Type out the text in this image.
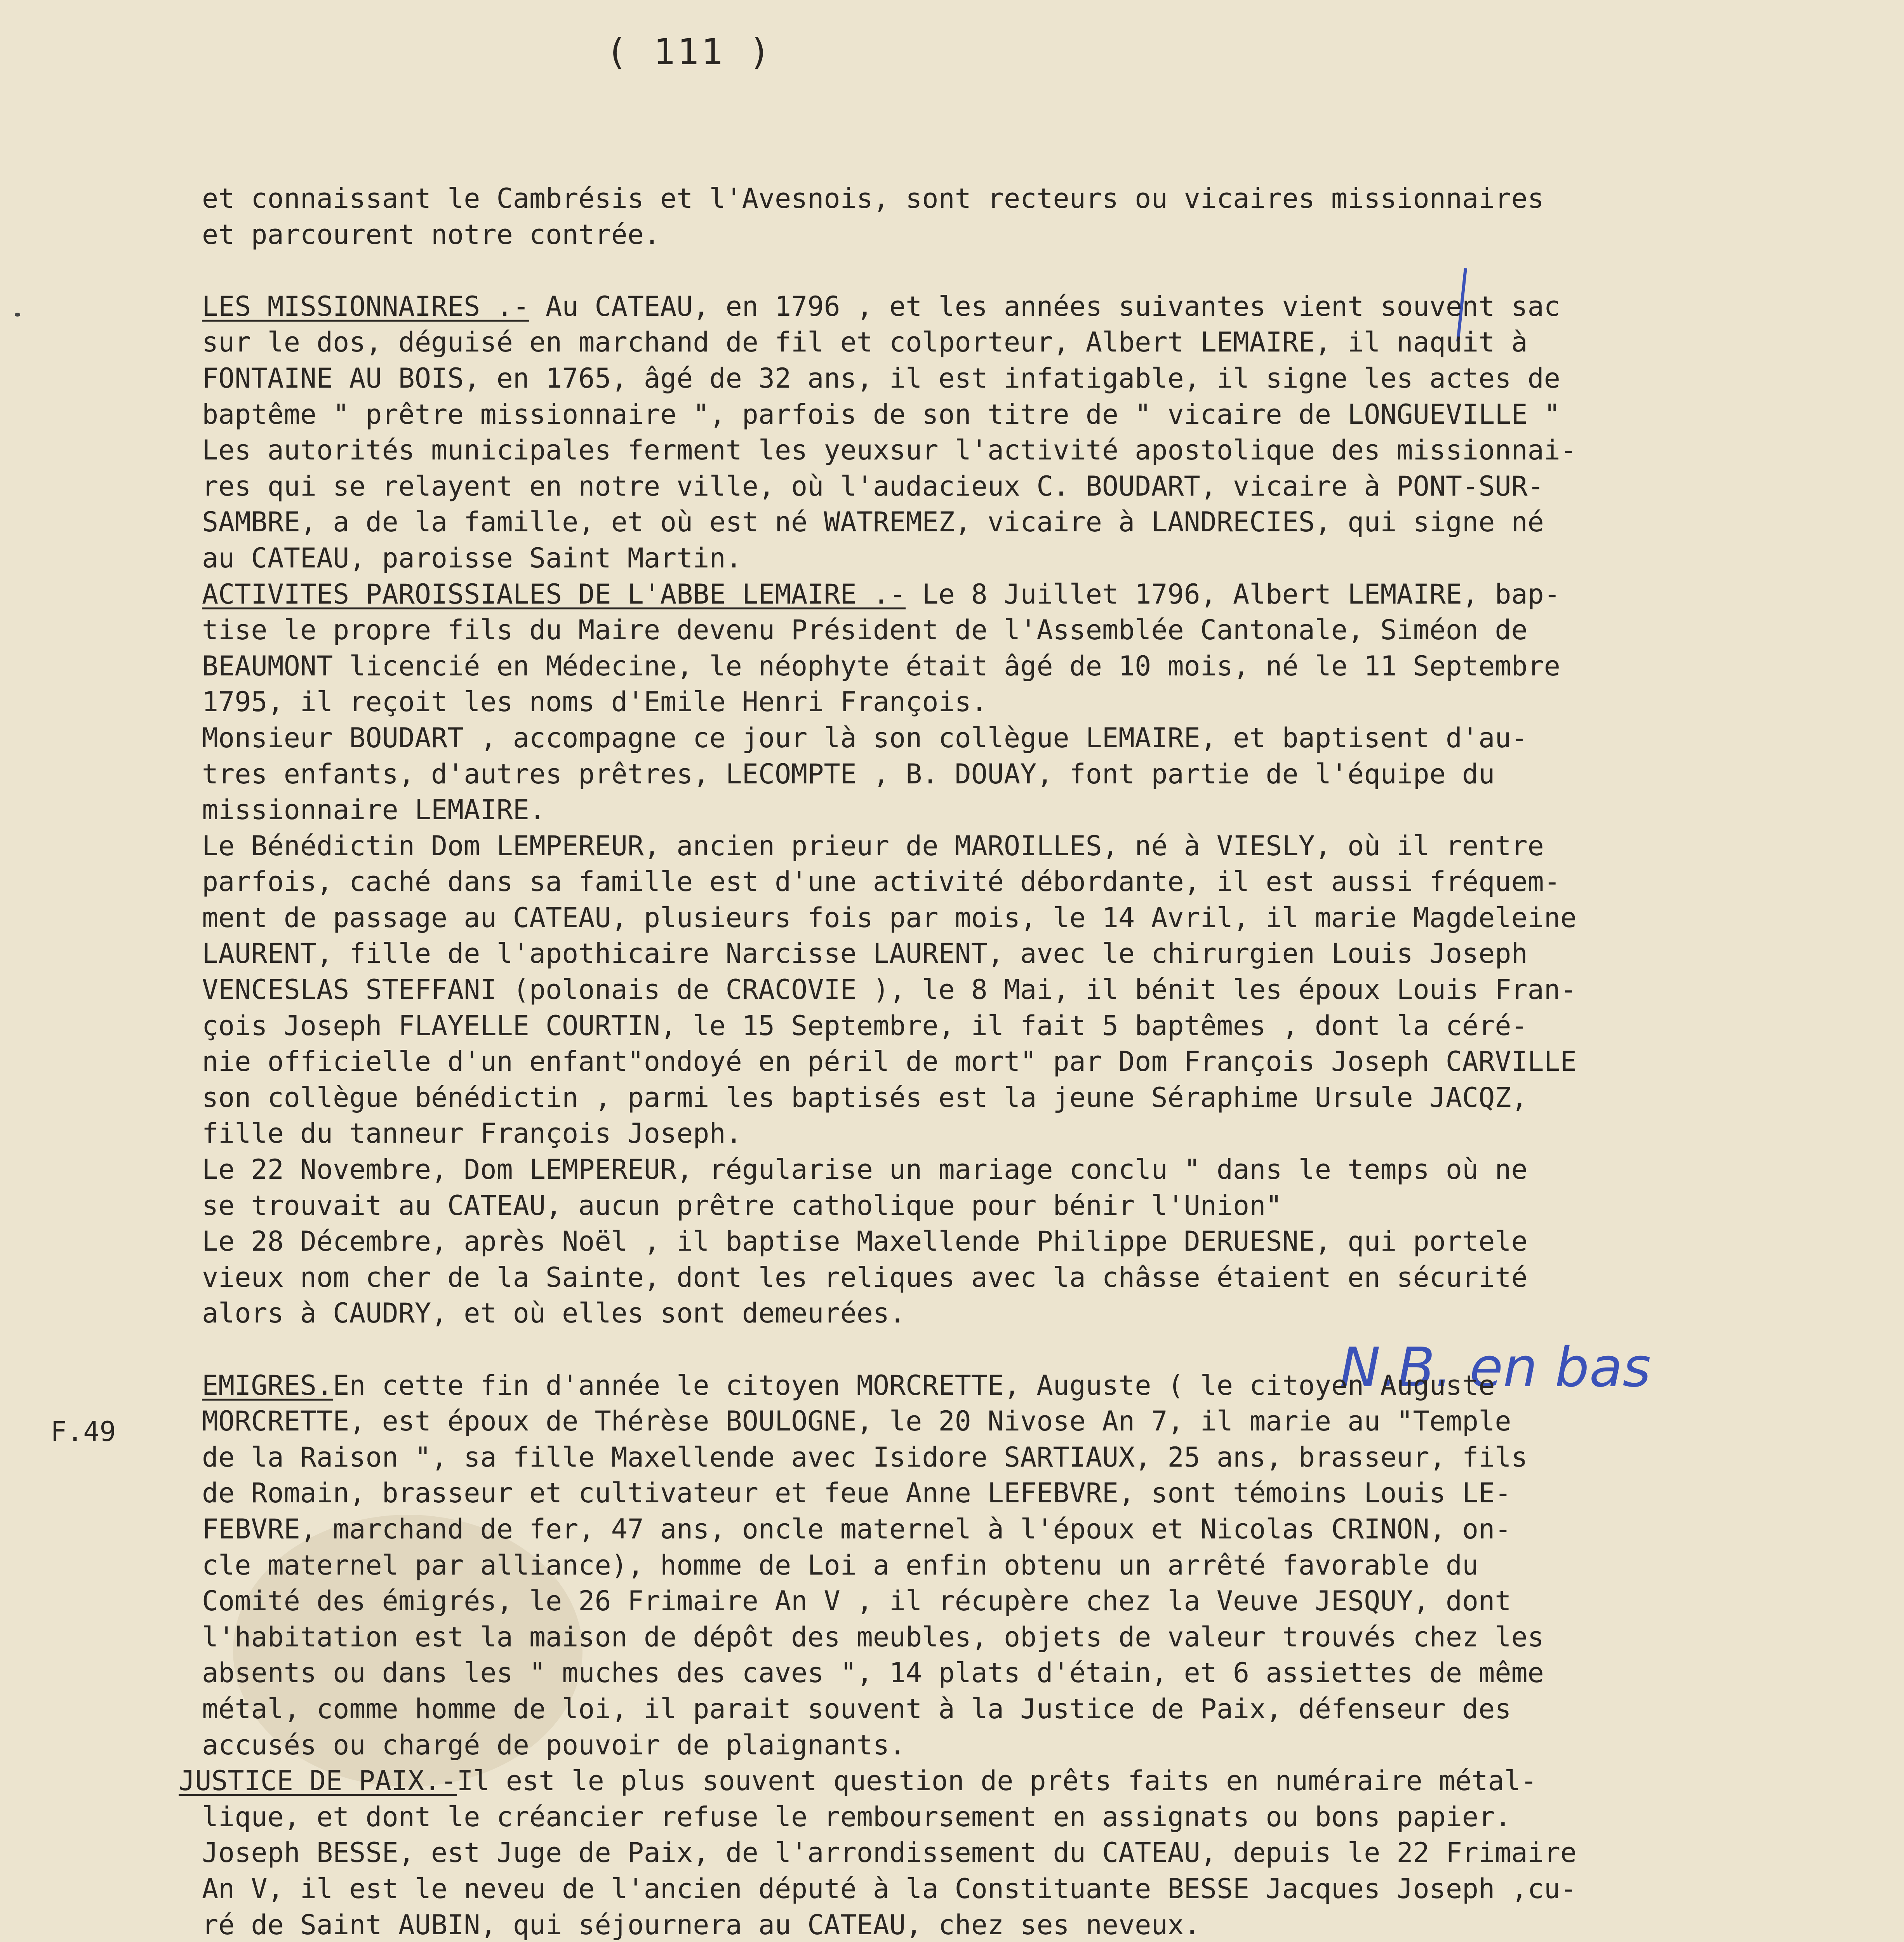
( 111 )
F.49
N.B. en bas
et connaissant le Cambrésis et l'Avesnois, sont recteurs ou vicaires missionnaires
et parcourent notre contrée.
LES MISSIONNAIRES .- Au CATEAU, en 1796 , et les années suivantes vient souvent sac
sur le dos, déguisé en marchand de fil et colporteur, Albert LEMAIRE, il naquit à
FONTAINE AU BOIS, en 1765, âgé de 32 ans, il est infatigable, il signe les actes de
baptême " prêtre missionnaire ", parfois de son titre de " vicaire de LONGUEVILLE "
Les autorités municipales ferment les yeuxsur l'activité apostolique des missionnai-
res qui se relayent en notre ville, où l'audacieux C. BOUDART, vicaire à PONT-SUR-
SAMBRE, a de la famille, et où est né WATREMEZ, vicaire à LANDRECIES, qui signe né
au CATEAU, paroisse Saint Martin.
ACTIVITES PAROISSIALES DE L'ABBE LEMAIRE .- Le 8 Juillet 1796, Albert LEMAIRE, bap-
tise le propre fils du Maire devenu Président de l'Assemblée Cantonale, Siméon de
BEAUMONT licencié en Médecine, le néophyte était âgé de 10 mois, né le 11 Septembre
1795, il reçoit les noms d'Emile Henri François.
Monsieur BOUDART , accompagne ce jour là son collègue LEMAIRE, et baptisent d'au-
tres enfants, d'autres prêtres, LECOMPTE , B. DOUAY, font partie de l'équipe du
missionnaire LEMAIRE.
Le Bénédictin Dom LEMPEREUR, ancien prieur de MAROILLES, né à VIESLY, où il rentre
parfois, caché dans sa famille est d'une activité débordante, il est aussi fréquem-
ment de passage au CATEAU, plusieurs fois par mois, le 14 Avril, il marie Magdeleine
LAURENT, fille de l'apothicaire Narcisse LAURENT, avec le chirurgien Louis Joseph
VENCESLAS STEFFANI (polonais de CRACOVIE ), le 8 Mai, il bénit les époux Louis Fran-
çois Joseph FLAYELLE COURTIN, le 15 Septembre, il fait 5 baptêmes , dont la céré-
nie officielle d'un enfant"ondoyé en péril de mort" par Dom François Joseph CARVILLE
son collègue bénédictin , parmi les baptisés est la jeune Séraphime Ursule JACQZ,
fille du tanneur François Joseph.
Le 22 Novembre, Dom LEMPEREUR, régularise un mariage conclu " dans le temps où ne
se trouvait au CATEAU, aucun prêtre catholique pour bénir l'Union"
Le 28 Décembre, après Noël , il baptise Maxellende Philippe DERUESNE, qui portele
vieux nom cher de la Sainte, dont les reliques avec la châsse étaient en sécurité
alors à CAUDRY, et où elles sont demeurées.
EMIGRES.En cette fin d'année le citoyen MORCRETTE, Auguste ( le citoyen Auguste
MORCRETTE, est époux de Thérèse BOULOGNE, le 20 Nivose An 7, il marie au "Temple
de la Raison ", sa fille Maxellende avec Isidore SARTIAUX, 25 ans, brasseur, fils
de Romain, brasseur et cultivateur et feue Anne LEFEBVRE, sont témoins Louis LE-
FEBVRE, marchand de fer, 47 ans, oncle maternel à l'époux et Nicolas CRINON, on-
cle maternel par alliance), homme de Loi a enfin obtenu un arrêté favorable du
Comité des émigrés, le 26 Frimaire An V , il récupère chez la Veuve JESQUY, dont
l'habitation est la maison de dépôt des meubles, objets de valeur trouvés chez les
absents ou dans les " muches des caves ", 14 plats d'étain, et 6 assiettes de même
métal, comme homme de loi, il parait souvent à la Justice de Paix, défenseur des
accusés ou chargé de pouvoir de plaignants.
JUSTICE DE PAIX.-Il est le plus souvent question de prêts faits en numéraire métal-
lique, et dont le créancier refuse le remboursement en assignats ou bons papier.
Joseph BESSE, est Juge de Paix, de l'arrondissement du CATEAU, depuis le 22 Frimaire
An V, il est le neveu de l'ancien député à la Constituante BESSE Jacques Joseph ,cu-
ré de Saint AUBIN, qui séjournera au CATEAU, chez ses neveux.
